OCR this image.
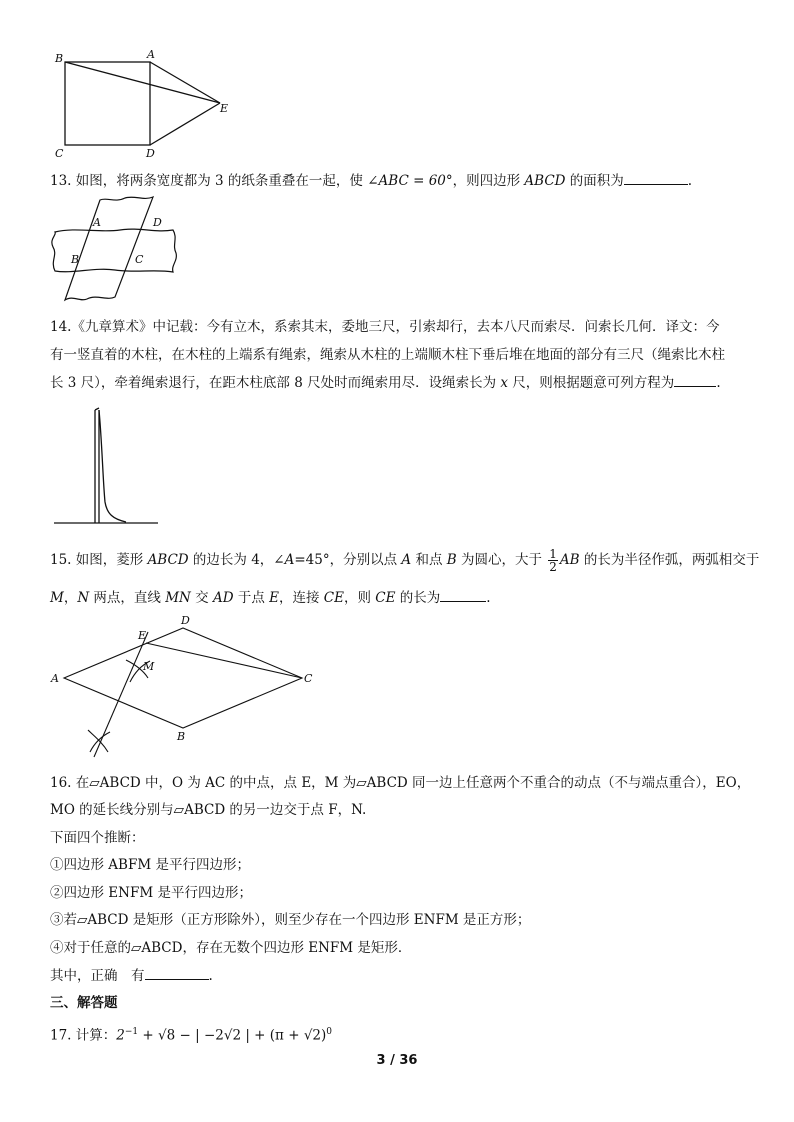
B	A
E
C	D
13. 如图，将两条宽度都为 3 的纸条重叠在一起，使 ∠ABC = 60°，则四边形 ABCD 的面积为	.
A	D
B	C
14.《九章算术》中记载：今有立木，系索其末，委地三尺，引索却行，去本八尺而索尽．问索长几何．译文：今
有一竖直着的木柱，在木柱的上端系有绳索，绳索从木柱的上端顺木柱下垂后堆在地面的部分有三尺（绳索比木柱
长 3 尺），牵着绳索退行，在距木柱底部 8 尺处时而绳索用尽．设绳索长为 x 尺，则根据题意可列方程为	.
15. 如图，菱形 ABCD 的边长为 4，∠A=45°，分别以点 A 和点 B 为圆心，大于 $\frac{1}{2}$ AB 的长为半径作弧，两弧相交于
M，N 两点，直线 MN 交 AD 于点 E，连接 CE，则 CE 的长为	.
E
D
M
A	C
B
16. 在▱ABCD 中，O 为 AC 的中点，点 E，M 为▱ABCD 同一边上任意两个不重合的动点（不与端点重合），EO，
MO 的延长线分别与▱ABCD 的另一边交于点 F，N.
下面四个推断：
①四边形 ABFM 是平行四边形；
②四边形 ENFM 是平行四边形；
③若▱ABCD 是矩形（正方形除外），则至少存在一个四边形 ENFM 是正方形；
④对于任意的▱ABCD，存在无数个四边形 ENFM 是矩形．
其中，正确　有	.
三、解答题
17. 计算：$2^{-1} + √8$ − | −2√2 | + $(\pi + √2)^0$
3 / 36
